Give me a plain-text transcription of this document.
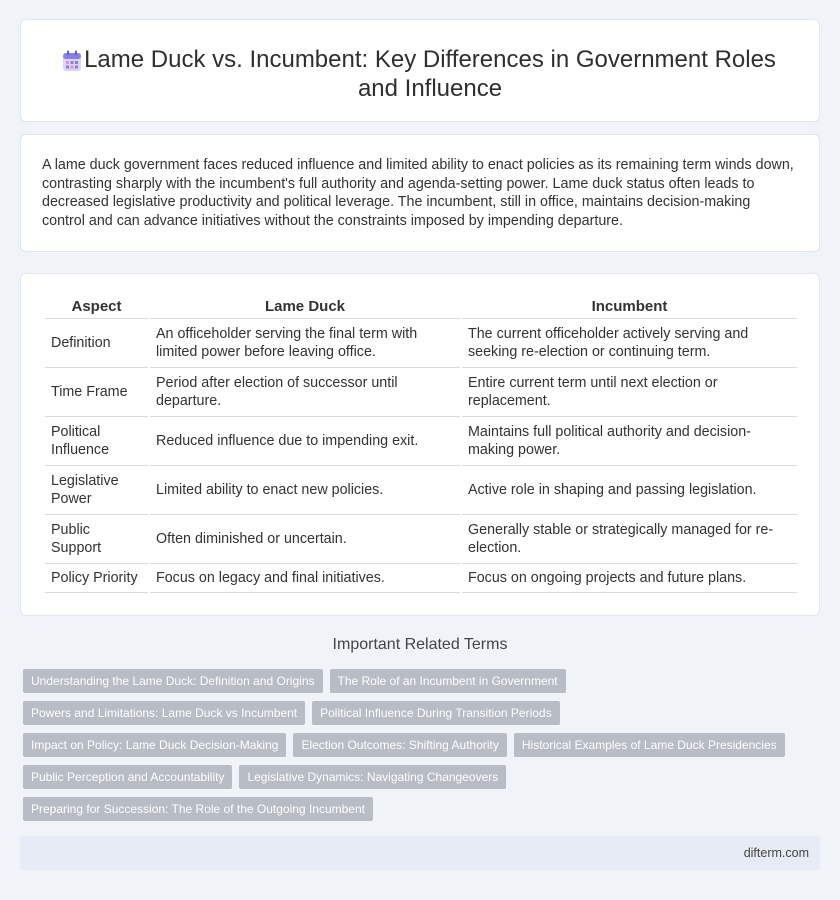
Lame Duck vs. Incumbent: Key Differences in Government Roles and Influence

A lame duck government faces reduced influence and limited ability to enact policies as its remaining term winds down, contrasting sharply with the incumbent's full authority and agenda-setting power. Lame duck status often leads to decreased legislative productivity and political leverage. The incumbent, still in office, maintains decision-making control and can advance initiatives without the constraints imposed by impending departure.

Aspect	Lame Duck	Incumbent
Definition	An officeholder serving the final term with limited power before leaving office.	The current officeholder actively serving and seeking re-election or continuing term.
Time Frame	Period after election of successor until departure.	Entire current term until next election or replacement.
Political Influence	Reduced influence due to impending exit.	Maintains full political authority and decision-making power.
Legislative Power	Limited ability to enact new policies.	Active role in shaping and passing legislation.
Public Support	Often diminished or uncertain.	Generally stable or strategically managed for re-election.
Policy Priority	Focus on legacy and final initiatives.	Focus on ongoing projects and future plans.
Important Related Terms
Understanding the Lame Duck: Definition and Origins	The Role of an Incumbent in Government
Powers and Limitations: Lame Duck vs Incumbent	Political Influence During Transition Periods
Impact on Policy: Lame Duck Decision-Making	Election Outcomes: Shifting Authority	Historical Examples of Lame Duck Presidencies
Public Perception and Accountability	Legislative Dynamics: Navigating Changeovers
Preparing for Succession: The Role of the Outgoing Incumbent
difterm.com
